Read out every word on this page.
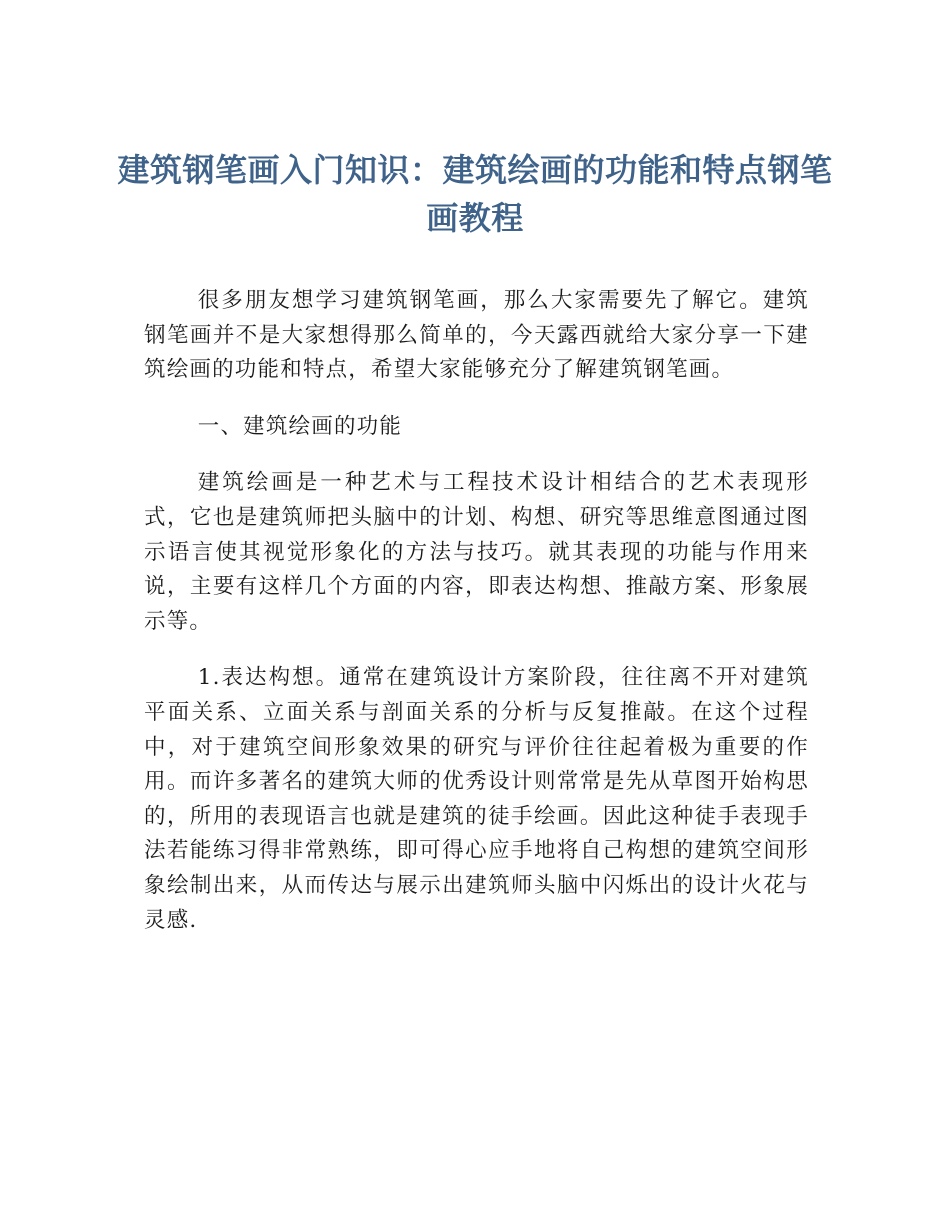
建筑钢笔画入门知识：建筑绘画的功能和特点钢笔画教程

很多朋友想学习建筑钢笔画，那么大家需要先了解它。建筑钢笔画并不是大家想得那么简单的，今天露西就给大家分享一下建筑绘画的功能和特点，希望大家能够充分了解建筑钢笔画。

一、建筑绘画的功能

建筑绘画是一种艺术与工程技术设计相结合的艺术表现形式，它也是建筑师把头脑中的计划、构想、研究等思维意图通过图示语言使其视觉形象化的方法与技巧。就其表现的功能与作用来说，主要有这样几个方面的内容，即表达构想、推敲方案、形象展示等。

1.表达构想。通常在建筑设计方案阶段，往往离不开对建筑平面关系、立面关系与剖面关系的分析与反复推敲。在这个过程中，对于建筑空间形象效果的研究与评价往往起着极为重要的作用。而许多著名的建筑大师的优秀设计则常常是先从草图开始构思的，所用的表现语言也就是建筑的徒手绘画。因此这种徒手表现手法若能练习得非常熟练，即可得心应手地将自己构想的建筑空间形象绘制出来，从而传达与展示出建筑师头脑中闪烁出的设计火花与灵感.
